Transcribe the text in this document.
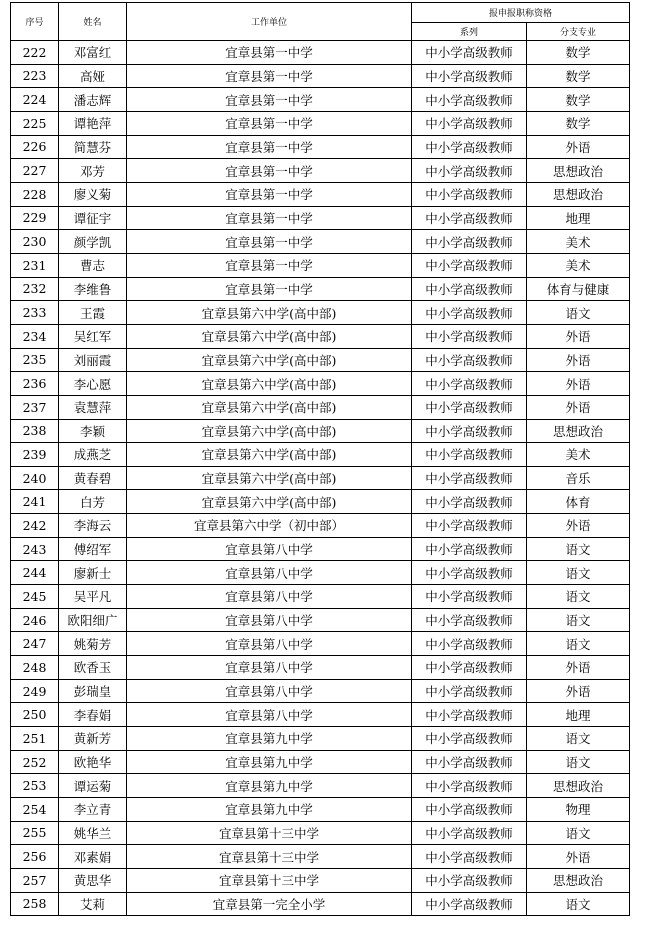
序号	姓名	工作单位	报申报职称资格	
			系列	分支专业
222	邓富红	宜章县第一中学	中小学高级教师	数学
223	高娅	宜章县第一中学	中小学高级教师	数学
224	潘志辉	宜章县第一中学	中小学高级教师	数学
225	谭艳萍	宜章县第一中学	中小学高级教师	数学
226	简慧芬	宜章县第一中学	中小学高级教师	外语
227	邓芳	宜章县第一中学	中小学高级教师	思想政治
228	廖义菊	宜章县第一中学	中小学高级教师	思想政治
229	谭征宇	宜章县第一中学	中小学高级教师	地理
230	颜学凯	宜章县第一中学	中小学高级教师	美术
231	曹志	宜章县第一中学	中小学高级教师	美术
232	李维鲁	宜章县第一中学	中小学高级教师	体育与健康
233	王霞	宜章县第六中学(高中部)	中小学高级教师	语文
234	吴红军	宜章县第六中学(高中部)	中小学高级教师	外语
235	刘丽霞	宜章县第六中学(高中部)	中小学高级教师	外语
236	李心愿	宜章县第六中学(高中部)	中小学高级教师	外语
237	袁慧萍	宜章县第六中学(高中部)	中小学高级教师	外语
238	李颖	宜章县第六中学(高中部)	中小学高级教师	思想政治
239	成燕芝	宜章县第六中学(高中部)	中小学高级教师	美术
240	黄春碧	宜章县第六中学(高中部)	中小学高级教师	音乐
241	白芳	宜章县第六中学(高中部)	中小学高级教师	体育
242	李海云	宜章县第六中学（初中部）	中小学高级教师	外语
243	傅绍军	宜章县第八中学	中小学高级教师	语文
244	廖新士	宜章县第八中学	中小学高级教师	语文
245	吴平凡	宜章县第八中学	中小学高级教师	语文
246	欧阳细广	宜章县第八中学	中小学高级教师	语文
247	姚菊芳	宜章县第八中学	中小学高级教师	语文
248	欧香玉	宜章县第八中学	中小学高级教师	外语
249	彭瑞皇	宜章县第八中学	中小学高级教师	外语
250	李春娟	宜章县第八中学	中小学高级教师	地理
251	黄新芳	宜章县第九中学	中小学高级教师	语文
252	欧艳华	宜章县第九中学	中小学高级教师	语文
253	谭运菊	宜章县第九中学	中小学高级教师	思想政治
254	李立青	宜章县第九中学	中小学高级教师	物理
255	姚华兰	宜章县第十三中学	中小学高级教师	语文
256	邓素娟	宜章县第十三中学	中小学高级教师	外语
257	黄思华	宜章县第十三中学	中小学高级教师	思想政治
258	艾莉	宜章县第一完全小学	中小学高级教师	语文
